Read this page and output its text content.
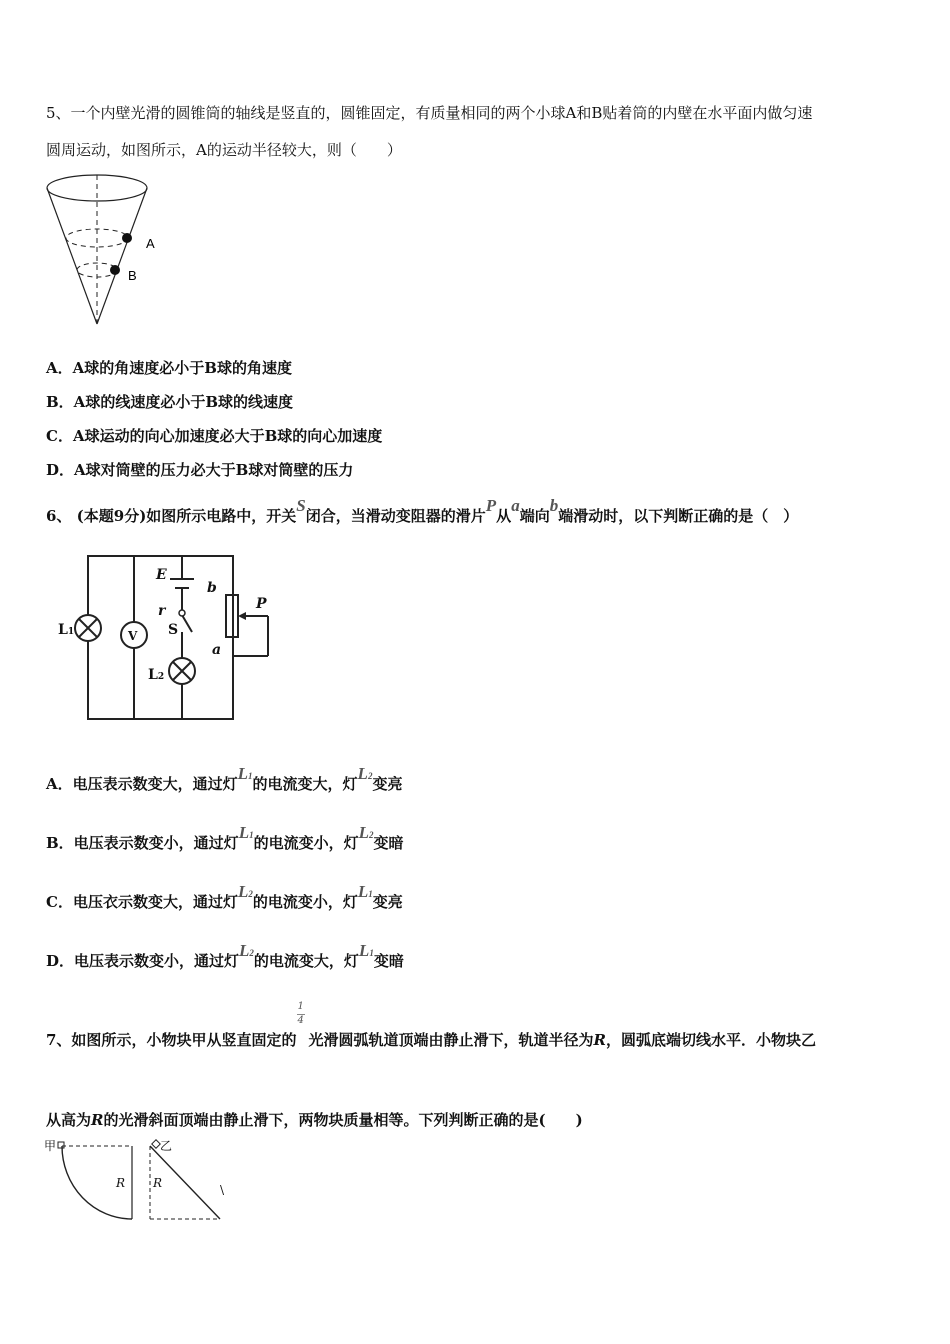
5、一个内壁光滑的圆锥筒的轴线是竖直的，圆锥固定，有质量相同的两个小球A和B贴着筒的内壁在水平面内做匀速
圆周运动，如图所示，A的运动半径较大，则（　　）
A
B
A．A球的角速度必小于B球的角速度
B．A球的线速度必小于B球的线速度
C．A球运动的向心加速度必大于B球的向心加速度
D．A球对筒壁的压力必大于B球对筒壁的压力
6、 (本题9分)如图所示电路中，开关S闭合，当滑动变阻器的滑片P从a端向b端滑动时，以下判断正确的是（　）
E
b
P
r
a
S
L1	V
L2
A．电压表示数变大，通过灯L1的电流变大，灯L2变亮
B．电压表示数变小，通过灯L1的电流变小，灯L2变暗
C．电压衣示数变大，通过灯L2的电流变小，灯L1变亮
D．电压表示数变小，通过灯L2的电流变大，灯L1变暗
7、如图所示，小物块甲从竖直固定的 $\frac{1}{4}$ 光滑圆弧轨道顶端由静止滑下，轨道半径为R，圆弧底端切线水平．小物块乙
从高为R的光滑斜面顶端由静止滑下，两物块质量相等。下列判断正确的是(　　)
甲	乙
R R	\
